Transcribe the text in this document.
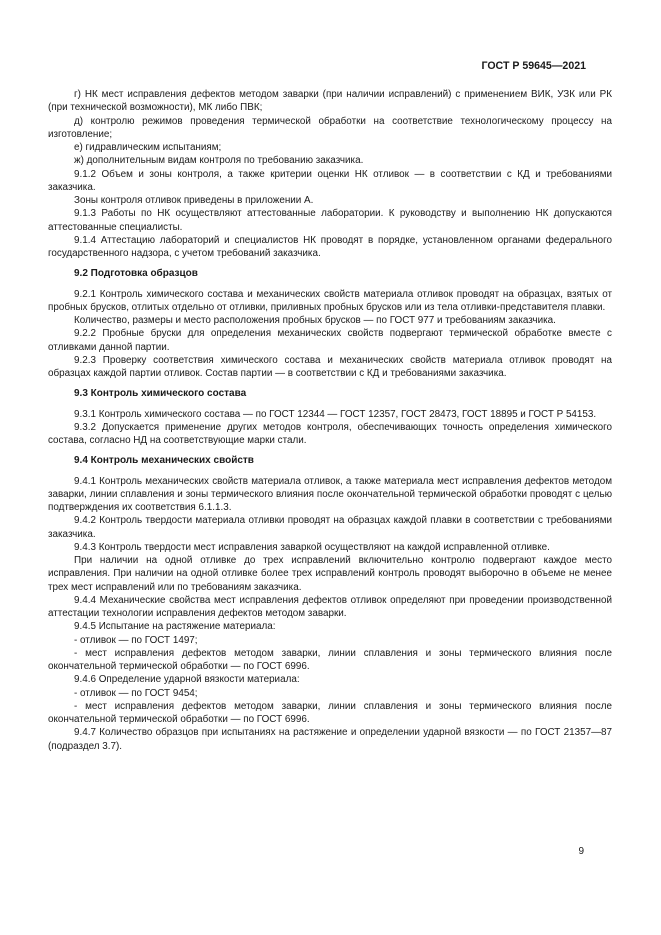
ГОСТ Р 59645—2021

г) НК мест исправления дефектов методом заварки (при наличии исправлений) с применением ВИК, УЗК или РК (при технической возможности), МК либо ПВК;

д) контролю режимов проведения термической обработки на соответствие технологическому процессу на изготовление;

е) гидравлическим испытаниям;

ж) дополнительным видам контроля по требованию заказчика.

9.1.2 Объем и зоны контроля, а также критерии оценки НК отливок — в соответствии с КД и требованиями заказчика.

Зоны контроля отливок приведены в приложении А.

9.1.3 Работы по НК осуществляют аттестованные лаборатории. К руководству и выполнению НК допускаются аттестованные специалисты.

9.1.4 Аттестацию лабораторий и специалистов НК проводят в порядке, установленном органами федерального государственного надзора, с учетом требований заказчика.

9.2 Подготовка образцов

9.2.1 Контроль химического состава и механических свойств материала отливок проводят на образцах, взятых от пробных брусков, отлитых отдельно от отливки, приливных пробных брусков или из тела отливки-представителя плавки.

Количество, размеры и место расположения пробных брусков — по ГОСТ 977 и требованиям заказчика.

9.2.2 Пробные бруски для определения механических свойств подвергают термической обработке вместе с отливками данной партии.

9.2.3 Проверку соответствия химического состава и механических свойств материала отливок проводят на образцах каждой партии отливок. Состав партии — в соответствии с КД и требованиями заказчика.

9.3 Контроль химического состава

9.3.1 Контроль химического состава — по ГОСТ 12344 — ГОСТ 12357, ГОСТ 28473, ГОСТ 18895 и ГОСТ Р 54153.

9.3.2 Допускается применение других методов контроля, обеспечивающих точность определения химического состава, согласно НД на соответствующие марки стали.

9.4 Контроль механических свойств

9.4.1 Контроль механических свойств материала отливок, а также материала мест исправления дефектов методом заварки, линии сплавления и зоны термического влияния после окончательной термической обработки проводят с целью подтверждения их соответствия 6.1.1.3.

9.4.2 Контроль твердости материала отливки проводят на образцах каждой плавки в соответствии с требованиями заказчика.

9.4.3 Контроль твердости мест исправления заваркой осуществляют на каждой исправленной отливке.

При наличии на одной отливке до трех исправлений включительно контролю подвергают каждое место исправления. При наличии на одной отливке более трех исправлений контроль проводят выборочно в объеме не менее трех мест исправлений или по требованиям заказчика.

9.4.4 Механические свойства мест исправления дефектов отливок определяют при проведении производственной аттестации технологии исправления дефектов методом заварки.

9.4.5 Испытание на растяжение материала:

- отливок — по ГОСТ 1497;

- мест исправления дефектов методом заварки, линии сплавления и зоны термического влияния после окончательной термической обработки — по ГОСТ 6996.

9.4.6 Определение ударной вязкости материала:

- отливок — по ГОСТ 9454;

- мест исправления дефектов методом заварки, линии сплавления и зоны термического влияния после окончательной термической обработки — по ГОСТ 6996.

9.4.7 Количество образцов при испытаниях на растяжение и определении ударной вязкости — по ГОСТ 21357—87 (подраздел 3.7).

9
